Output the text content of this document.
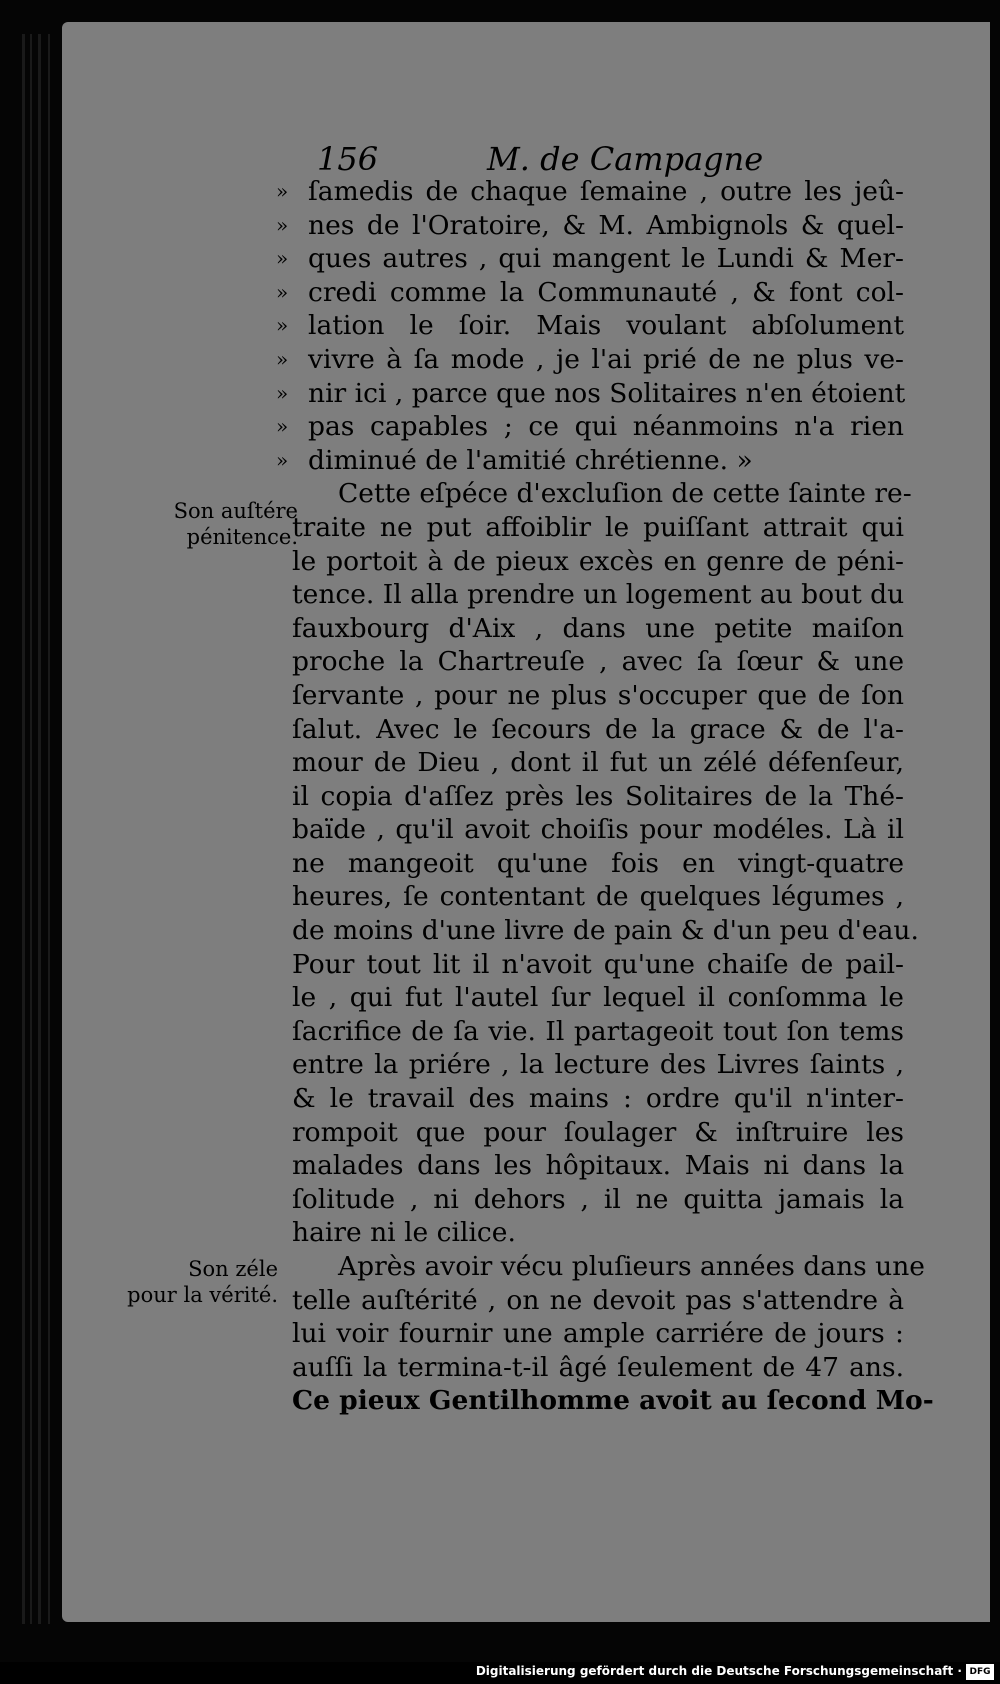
156	M. de Campagne
Son auſtére
pénitence.
Son zéle
pour la vérité.
» ſamedis de chaque ſemaine , outre les jeû-
» nes de l'Oratoire, & M. Ambignols & quel-
» ques autres , qui mangent le Lundi & Mer-
» credi comme la Communauté , & font col-
» lation le ſoir. Mais voulant abſolument
» vivre à ſa mode , je l'ai prié de ne plus ve-
» nir ici , parce que nos Solitaires n'en étoient
» pas capables ; ce qui néanmoins n'a rien
» diminué de l'amitié chrétienne. »
Cette eſpéce d'excluſion de cette ſainte re-
traite ne put affoiblir le puiſſant attrait qui
le portoit à de pieux excès en genre de péni-
tence. Il alla prendre un logement au bout du
fauxbourg d'Aix , dans une petite maiſon
proche la Chartreuſe , avec ſa ſœur & une
ſervante , pour ne plus s'occuper que de ſon
ſalut. Avec le ſecours de la grace & de l'a-
mour de Dieu , dont il fut un zélé défenſeur,
il copia d'aſſez près les Solitaires de la Thé-
baïde , qu'il avoit choiſis pour modéles. Là il
ne mangeoit qu'une fois en vingt-quatre
heures, ſe contentant de quelques légumes ,
de moins d'une livre de pain & d'un peu d'eau.
Pour tout lit il n'avoit qu'une chaiſe de pail-
le , qui fut l'autel ſur lequel il conſomma le
ſacrifice de ſa vie. Il partageoit tout ſon tems
entre la priére , la lecture des Livres ſaints ,
& le travail des mains : ordre qu'il n'inter-
rompoit que pour ſoulager & inſtruire les
malades dans les hôpitaux. Mais ni dans la
ſolitude , ni dehors , il ne quitta jamais la
haire ni le cilice.
Après avoir vécu pluſieurs années dans une
telle auſtérité , on ne devoit pas s'attendre à
lui voir fournir une ample carriére de jours :
auſſi la termina-t-il âgé ſeulement de 47 ans.
Ce pieux Gentilhomme avoit au ſecond Mo-
Digitalisierung gefördert durch die Deutsche Forschungsgemeinschaft · DFG
